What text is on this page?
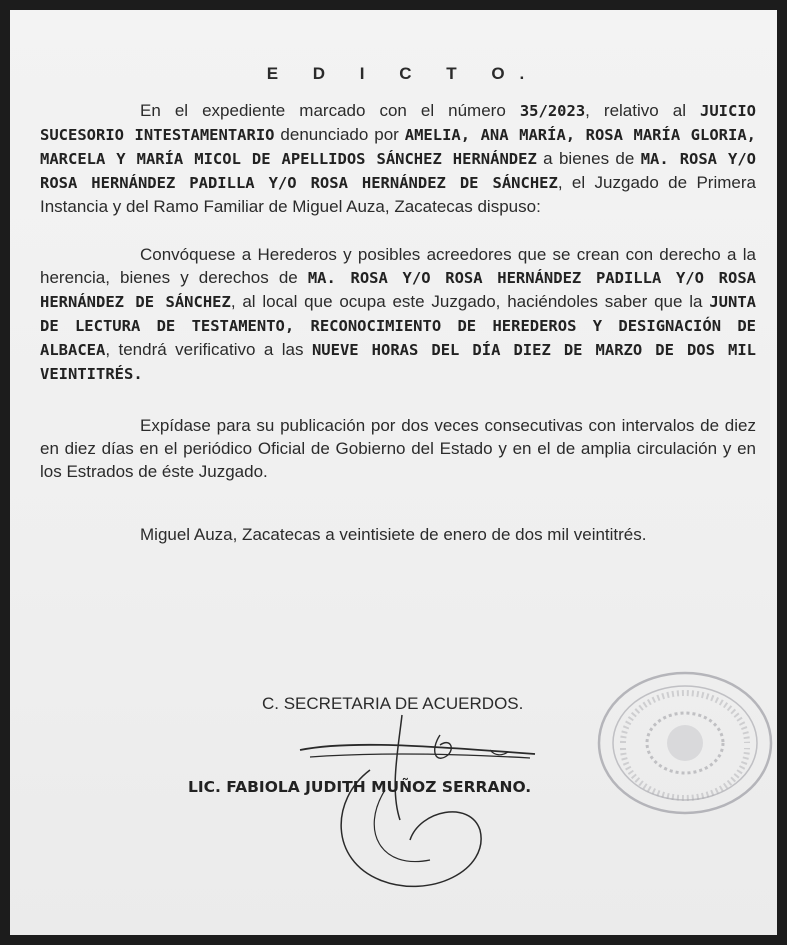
E D I C T O.

En el expediente marcado con el número 35/2023, relativo al JUICIO SUCESORIO INTESTAMENTARIO denunciado por AMELIA, ANA MARÍA, ROSA MARÍA GLORIA, MARCELA Y MARÍA MICOL DE APELLIDOS SÁNCHEZ HERNÁNDEZ a bienes de MA. ROSA Y/O ROSA HERNÁNDEZ PADILLA Y/O ROSA HERNÁNDEZ DE SÁNCHEZ, el Juzgado de Primera Instancia y del Ramo Familiar de Miguel Auza, Zacatecas dispuso:

Convóquese a Herederos y posibles acreedores que se crean con derecho a la herencia, bienes y derechos de MA. ROSA Y/O ROSA HERNÁNDEZ PADILLA Y/O ROSA HERNÁNDEZ DE SÁNCHEZ, al local que ocupa este Juzgado, haciéndoles saber que la JUNTA DE LECTURA DE TESTAMENTO, RECONOCIMIENTO DE HEREDEROS Y DESIGNACIÓN DE ALBACEA, tendrá verificativo a las NUEVE HORAS DEL DÍA DIEZ DE MARZO DE DOS MIL VEINTITRÉS.

Expídase para su publicación por dos veces consecutivas con intervalos de diez en diez días en el periódico Oficial de Gobierno del Estado y en el de amplia circulación y en los Estrados de éste Juzgado.

Miguel Auza, Zacatecas a veintisiete de enero de dos mil veintitrés.

C. SECRETARIA DE ACUERDOS.
LIC. FABIOLA JUDITH MUÑOZ SERRANO.
